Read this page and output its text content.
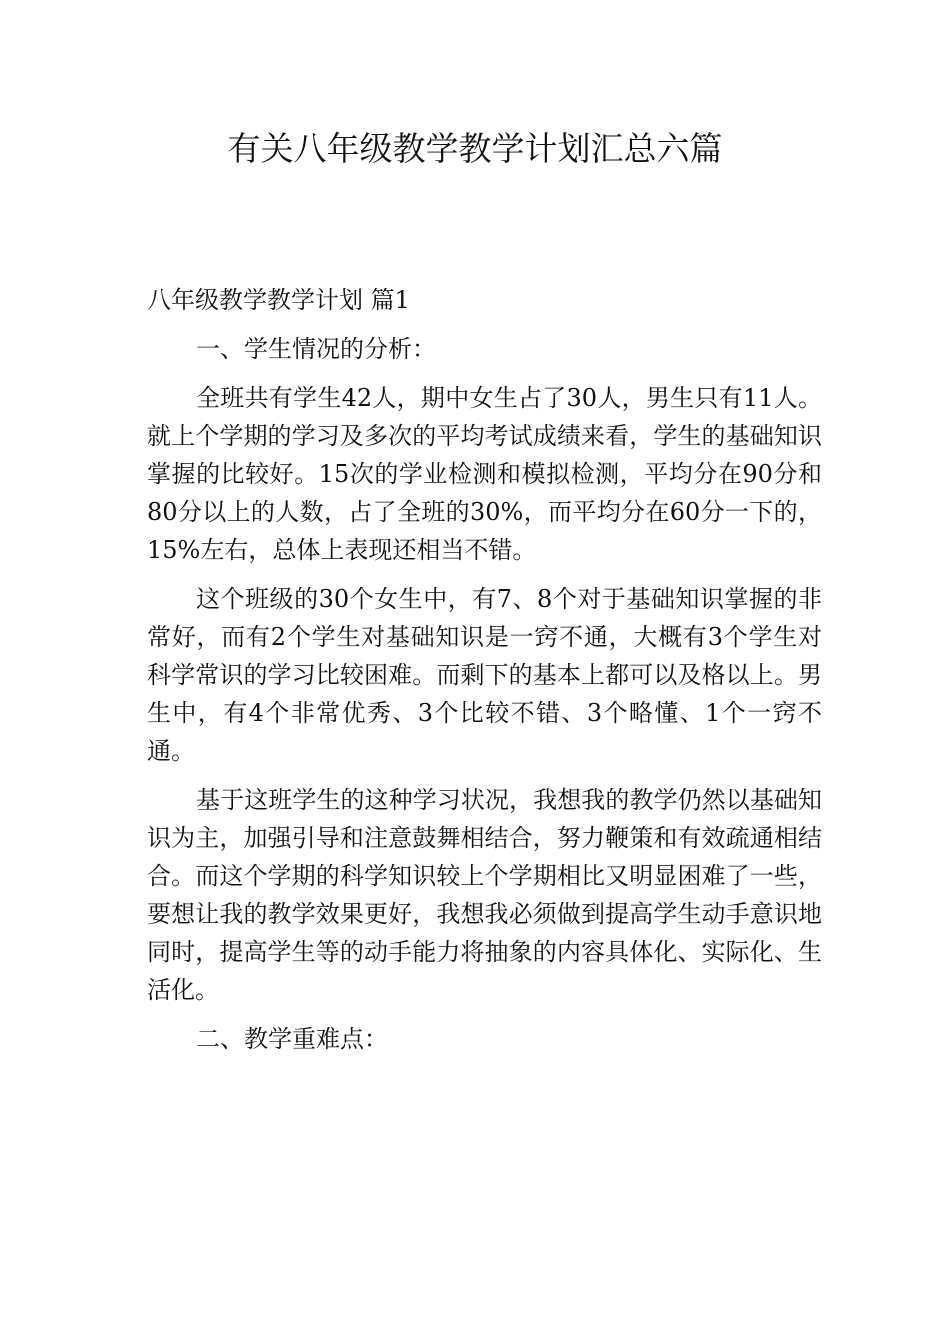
有关八年级教学教学计划汇总六篇

八年级教学教学计划 篇1

一、学生情况的分析：

全班共有学生42人，期中女生占了30人，男生只有11人。就上个学期的学习及多次的平均考试成绩来看，学生的基础知识掌握的比较好。15次的学业检测和模拟检测，平均分在90分和80分以上的人数，占了全班的30%，而平均分在60分一下的，15%左右，总体上表现还相当不错。

这个班级的30个女生中，有7、8个对于基础知识掌握的非常好，而有2个学生对基础知识是一窍不通，大概有3个学生对科学常识的学习比较困难。而剩下的基本上都可以及格以上。男生中，有4个非常优秀、3个比较不错、3个略懂、1个一窍不通。

基于这班学生的这种学习状况，我想我的教学仍然以基础知识为主，加强引导和注意鼓舞相结合，努力鞭策和有效疏通相结合。而这个学期的科学知识较上个学期相比又明显困难了一些，要想让我的教学效果更好，我想我必须做到提高学生动手意识地同时，提高学生等的动手能力将抽象的内容具体化、实际化、生活化。

二、教学重难点：
